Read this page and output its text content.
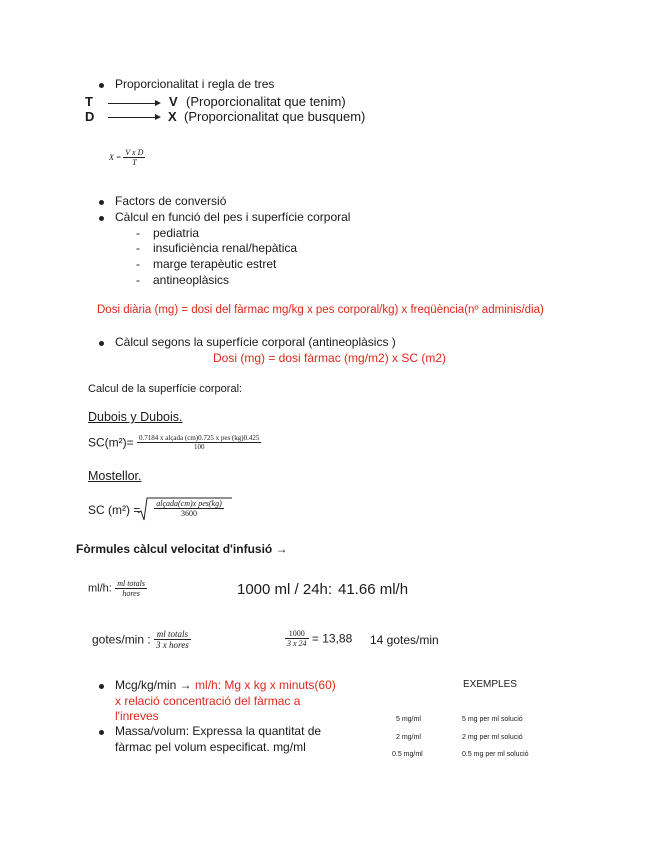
Proporcionalitat i regla de tres
T	V (Proporcionalitat que tenim)
D	X (Proporcionalitat que busquem)
$X = \frac{\text{V x D}}{T}$
Factors de conversió
Càlcul en funció del pes i superfície corporal
- pediatria
- insuficiència renal/hepàtica
- marge terapèutic estret
- antineoplàsics
Dosi diària (mg) = dosi del fàrmac mg/kg x pes corporal/kg) x freqüència(nº adminis/dia)
Càlcul segons la superfície corporal (antineoplàsics )
Dosi (mg) = dosi fàrmac (mg/m2) x SC (m2)
Calcul de la superfície corporal:
Dubois y Dubois.
$SC(m^2)= \frac{\text{0.7184 x alçada (cm)0.725 x pes (kg)0.425}}{100}$
Mostellor.
SC $(m^2) = \frac{\text{alçada(cm)x pes(kg)}}{3600}$
Fòrmules càlcul velocitat d'infusió →
ml/h: $\frac{\text{ml totals}}{\text{hores}}$	1000 ml / 24h: 41.66 ml/h
gotes/min : $\frac{\text{ml totals}}{\text{3 x hores}}$	$\frac{1000}{3 x 24} = 13,88$ 14 gotes/min
Mcg/kg/min → ml/h: Mg x kg x minuts(60)
x relació concentració del fàrmac a
l'inreves
Massa/volum: Expressa la quantitat de
fàrmac pel volum especificat. mg/ml
EXEMPLES
5 mg/ml	5 mg per ml solució
2 mg/ml	2 mg per ml solució
0.5 mg/ml	0.5 mg per ml solució
